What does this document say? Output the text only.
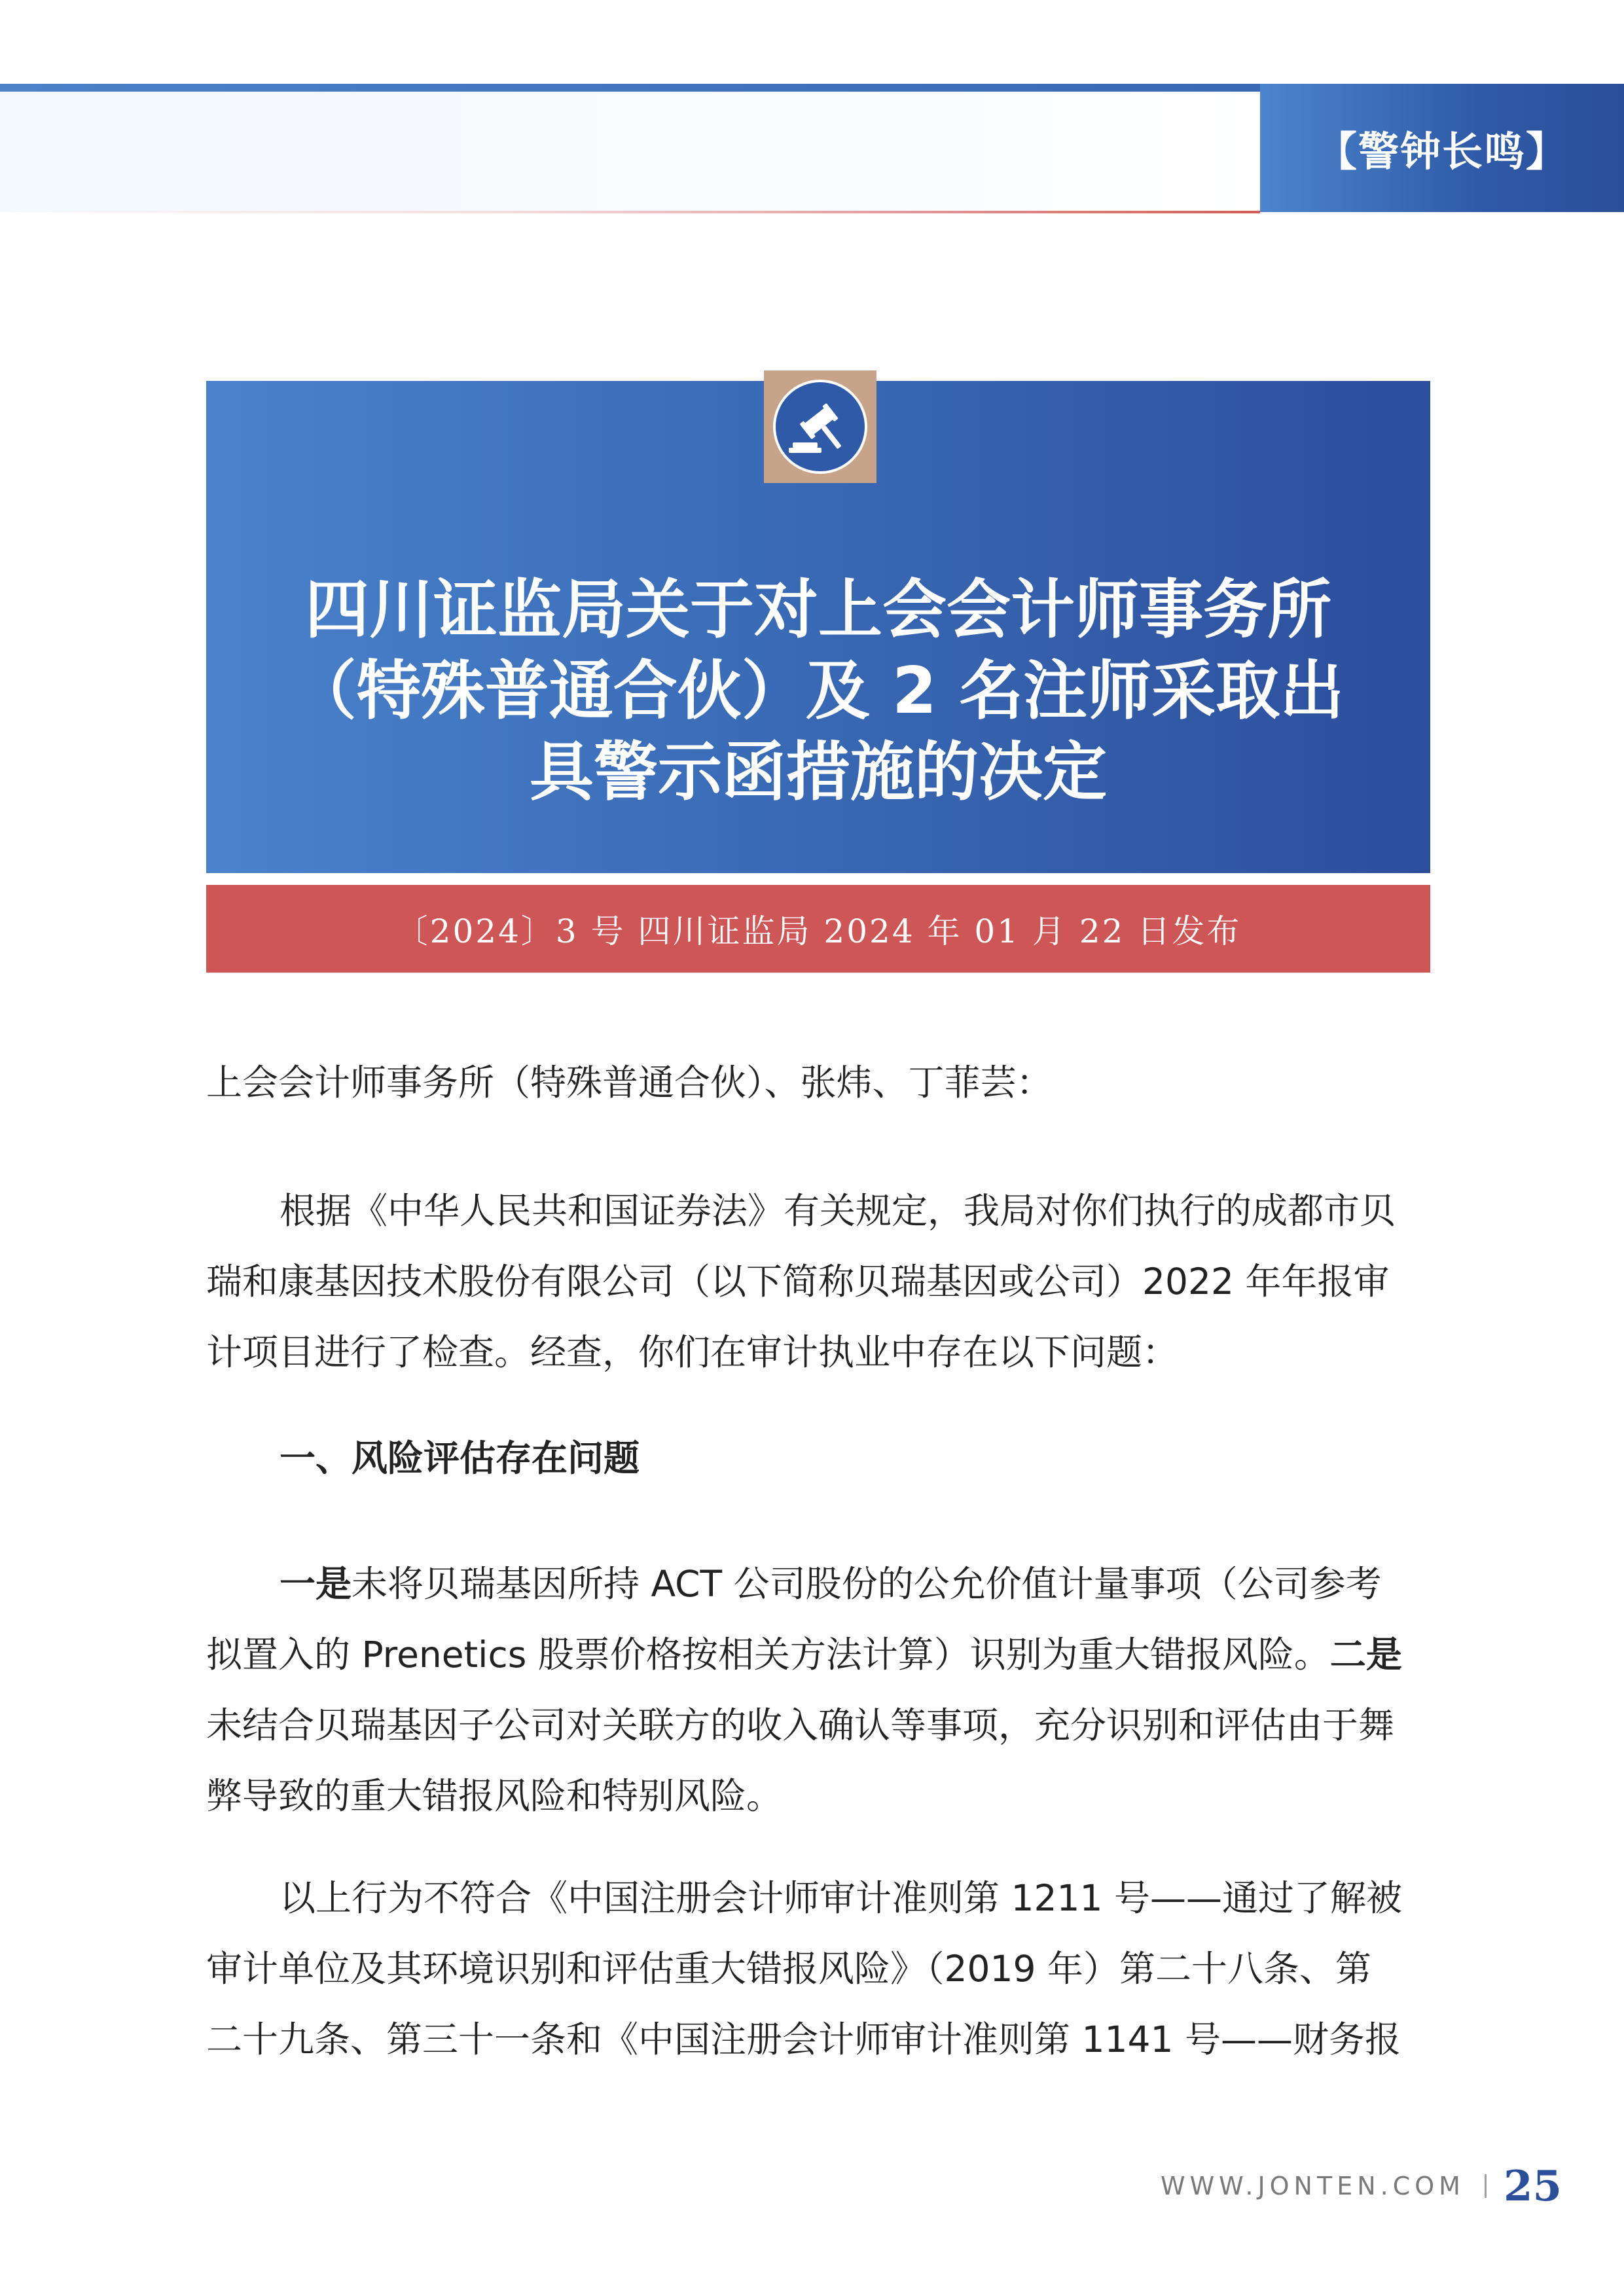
【警钟长鸣】
四川证监局关于对上会会计师事务所
（特殊普通合伙）及 2 名注师采取出
具警示函措施的决定
〔2024〕3 号 四川证监局 2024 年 01 月 22 日发布

上会会计师事务所（特殊普通合伙）、张炜、丁菲芸：

根据《中华人民共和国证券法》有关规定，我局对你们执行的成都市贝

瑞和康基因技术股份有限公司（以下简称贝瑞基因或公司）2022 年年报审

计项目进行了检查。经查，你们在审计执业中存在以下问题：

一、风险评估存在问题

一是未将贝瑞基因所持 ACT 公司股份的公允价值计量事项（公司参考

拟置入的 Prenetics 股票价格按相关方法计算）识别为重大错报风险。二是

未结合贝瑞基因子公司对关联方的收入确认等事项，充分识别和评估由于舞

弊导致的重大错报风险和特别风险。

以上行为不符合《中国注册会计师审计准则第 1211 号——通过了解被

审计单位及其环境识别和评估重大错报风险》（2019 年）第二十八条、第

二十九条、第三十一条和《中国注册会计师审计准则第 1141 号——财务报

WWW.JONTEN.COM 25
